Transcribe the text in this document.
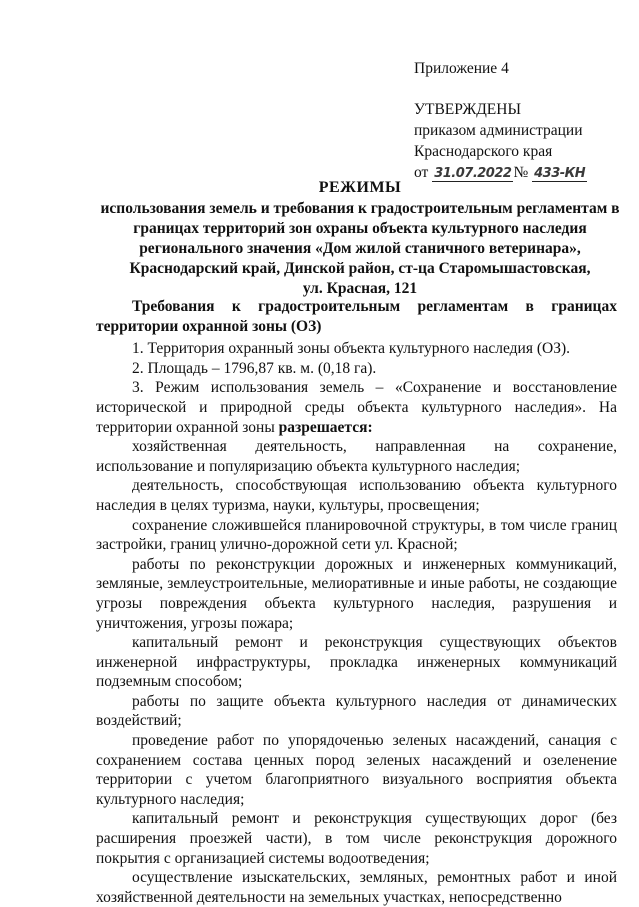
Приложение 4
УТВЕРЖДЕНЫ
приказом администрации
Краснодарского края
от 31.07.2022 № 433-КН
РЕЖИМЫ
использования земель и требования к градостроительным регламентам в
границах территорий зон охраны объекта культурного наследия
регионального значения «Дом жилой станичного ветеринара»,
Краснодарский край, Динской район, ст-ца Старомышастовская,
ул. Красная, 121

Требования к градостроительным регламентам в границах территории охранной зоны (ОЗ)

1. Территория охранный зоны объекта культурного наследия (ОЗ).

2. Площадь – 1796,87 кв. м. (0,18 га).

3. Режим использования земель – «Сохранение и восстановление исторической и природной среды объекта культурного наследия». На территории охранной зоны разрешается:

хозяйственная деятельность, направленная на сохранение, использование и популяризацию объекта культурного наследия;

деятельность, способствующая использованию объекта культурного наследия в целях туризма, науки, культуры, просвещения;

сохранение сложившейся планировочной структуры, в том числе границ застройки, границ улично-дорожной сети ул. Красной;

работы по реконструкции дорожных и инженерных коммуникаций, земляные, землеустроительные, мелиоративные и иные работы, не создающие угрозы повреждения объекта культурного наследия, разрушения и уничтожения, угрозы пожара;

капитальный ремонт и реконструкция существующих объектов инженерной инфраструктуры, прокладка инженерных коммуникаций подземным способом;

работы по защите объекта культурного наследия от динамических воздействий;

проведение работ по упорядоченью зеленых насаждений, санация с сохранением состава ценных пород зеленых насаждений и озеленение территории с учетом благоприятного визуального восприятия объекта культурного наследия;

капитальный ремонт и реконструкция существующих дорог (без расширения проезжей части), в том числе реконструкция дорожного покрытия с организацией системы водоотведения;

осуществление изыскательских, земляных, ремонтных работ и иной хозяйственной деятельности на земельных участках, непосредственно
